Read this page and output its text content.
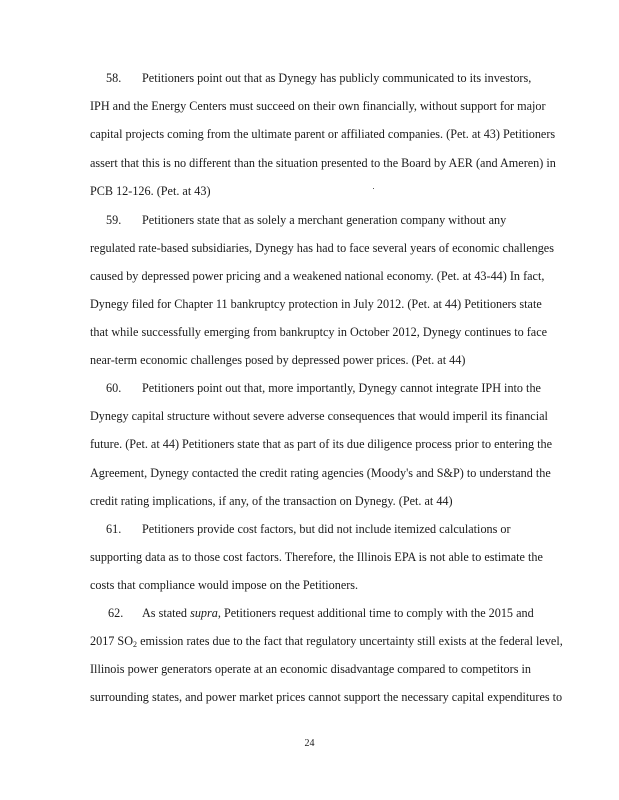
58. Petitioners point out that as Dynegy has publicly communicated to its investors,
IPH and the Energy Centers must succeed on their own financially, without support for major
capital projects coming from the ultimate parent or affiliated companies. (Pet. at 43) Petitioners
assert that this is no different than the situation presented to the Board by AER (and Ameren) in
PCB 12-126. (Pet. at 43)
59. Petitioners state that as solely a merchant generation company without any
regulated rate-based subsidiaries, Dynegy has had to face several years of economic challenges
caused by depressed power pricing and a weakened national economy. (Pet. at 43-44) In fact,
Dynegy filed for Chapter 11 bankruptcy protection in July 2012. (Pet. at 44) Petitioners state
that while successfully emerging from bankruptcy in October 2012, Dynegy continues to face
near-term economic challenges posed by depressed power prices. (Pet. at 44)
60. Petitioners point out that, more importantly, Dynegy cannot integrate IPH into the
Dynegy capital structure without severe adverse consequences that would imperil its financial
future. (Pet. at 44) Petitioners state that as part of its due diligence process prior to entering the
Agreement, Dynegy contacted the credit rating agencies (Moody's and S&P) to understand the
credit rating implications, if any, of the transaction on Dynegy. (Pet. at 44)
61. Petitioners provide cost factors, but did not include itemized calculations or
supporting data as to those cost factors. Therefore, the Illinois EPA is not able to estimate the
costs that compliance would impose on the Petitioners.
62. As stated supra, Petitioners request additional time to comply with the 2015 and
2017 $SO_2$ emission rates due to the fact that regulatory uncertainty still exists at the federal level,
Illinois power generators operate at an economic disadvantage compared to competitors in
surrounding states, and power market prices cannot support the necessary capital expenditures to
24
